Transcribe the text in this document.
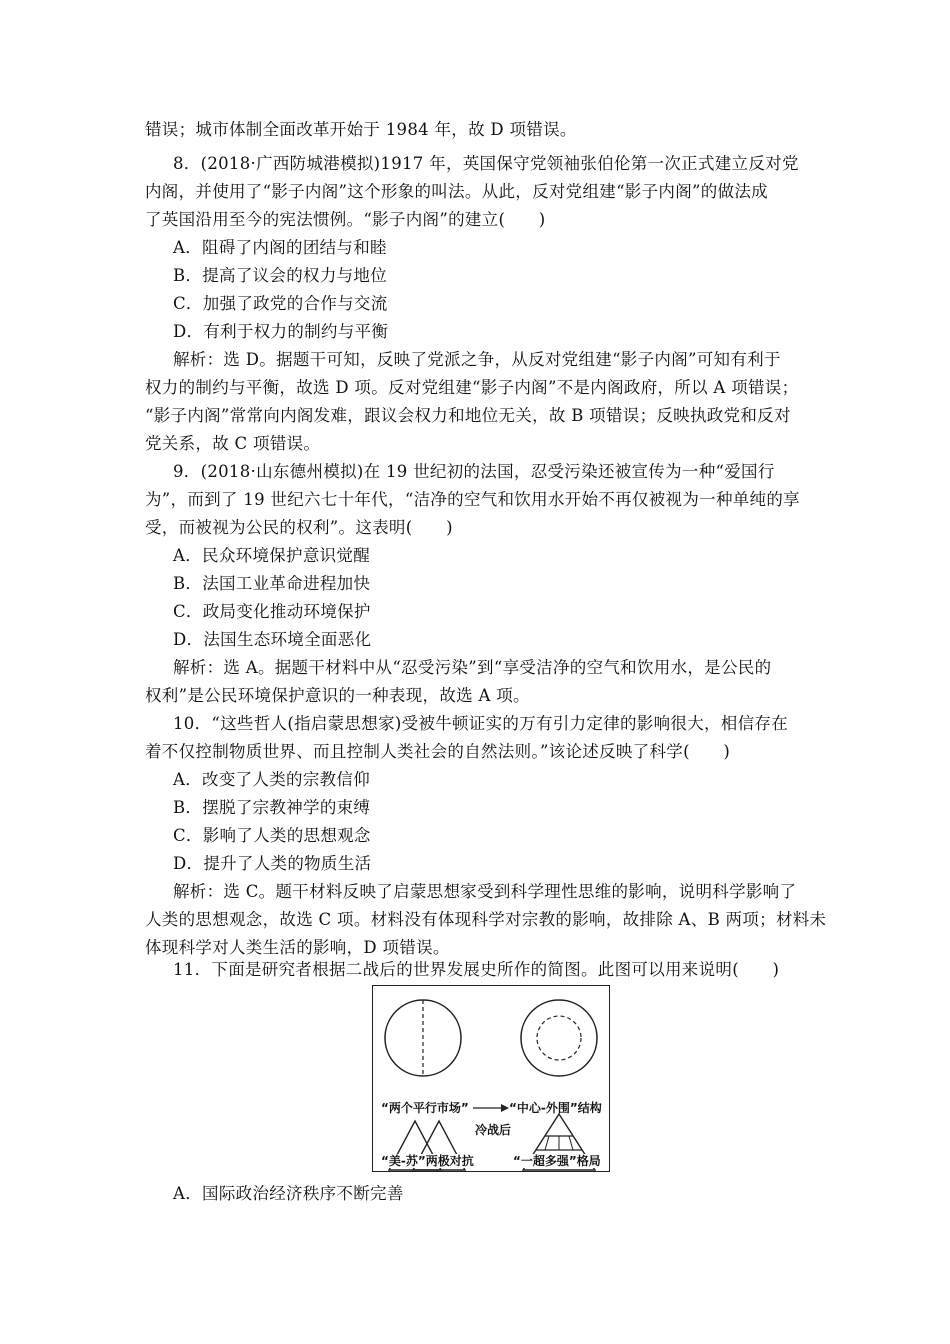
错误；城市体制全面改革开始于 1984 年，故 D 项错误。
8．(2018·广西防城港模拟)1917 年，英国保守党领袖张伯伦第一次正式建立反对党
内阁，并使用了“影子内阁”这个形象的叫法。从此，反对党组建“影子内阁”的做法成
了英国沿用至今的宪法惯例。“影子内阁”的建立(　　)
A．阻碍了内阁的团结与和睦
B．提高了议会的权力与地位
C．加强了政党的合作与交流
D．有利于权力的制约与平衡
解析：选 D。据题干可知，反映了党派之争，从反对党组建“影子内阁”可知有利于
权力的制约与平衡，故选 D 项。反对党组建“影子内阁”不是内阁政府，所以 A 项错误；
“影子内阁”常常向内阁发难，跟议会权力和地位无关，故 B 项错误；反映执政党和反对
党关系，故 C 项错误。
9．(2018·山东德州模拟)在 19 世纪初的法国，忍受污染还被宣传为一种“爱国行
为”，而到了 19 世纪六七十年代，“洁净的空气和饮用水开始不再仅被视为一种单纯的享
受，而被视为公民的权利”。这表明(　　)
A．民众环境保护意识觉醒
B．法国工业革命进程加快
C．政局变化推动环境保护
D．法国生态环境全面恶化
解析：选 A。据题干材料中从“忍受污染”到“享受洁净的空气和饮用水，是公民的
权利”是公民环境保护意识的一种表现，故选 A 项。
10．“这些哲人(指启蒙思想家)受被牛顿证实的万有引力定律的影响很大，相信存在
着不仅控制物质世界、而且控制人类社会的自然法则。”该论述反映了科学(　　)
A．改变了人类的宗教信仰
B．摆脱了宗教神学的束缚
C．影响了人类的思想观念
D．提升了人类的物质生活
解析：选 C。题干材料反映了启蒙思想家受到科学理性思维的影响，说明科学影响了
人类的思想观念，故选 C 项。材料没有体现科学对宗教的影响，故排除 A、B 两项；材料未
体现科学对人类生活的影响，D 项错误。
11．下面是研究者根据二战后的世界发展史所作的简图。此图可以用来说明(　　)
“两个平行市场”	“中心-外围”结构
冷战后
“美-苏”两极对抗	“一超多强”格局
A．国际政治经济秩序不断完善
